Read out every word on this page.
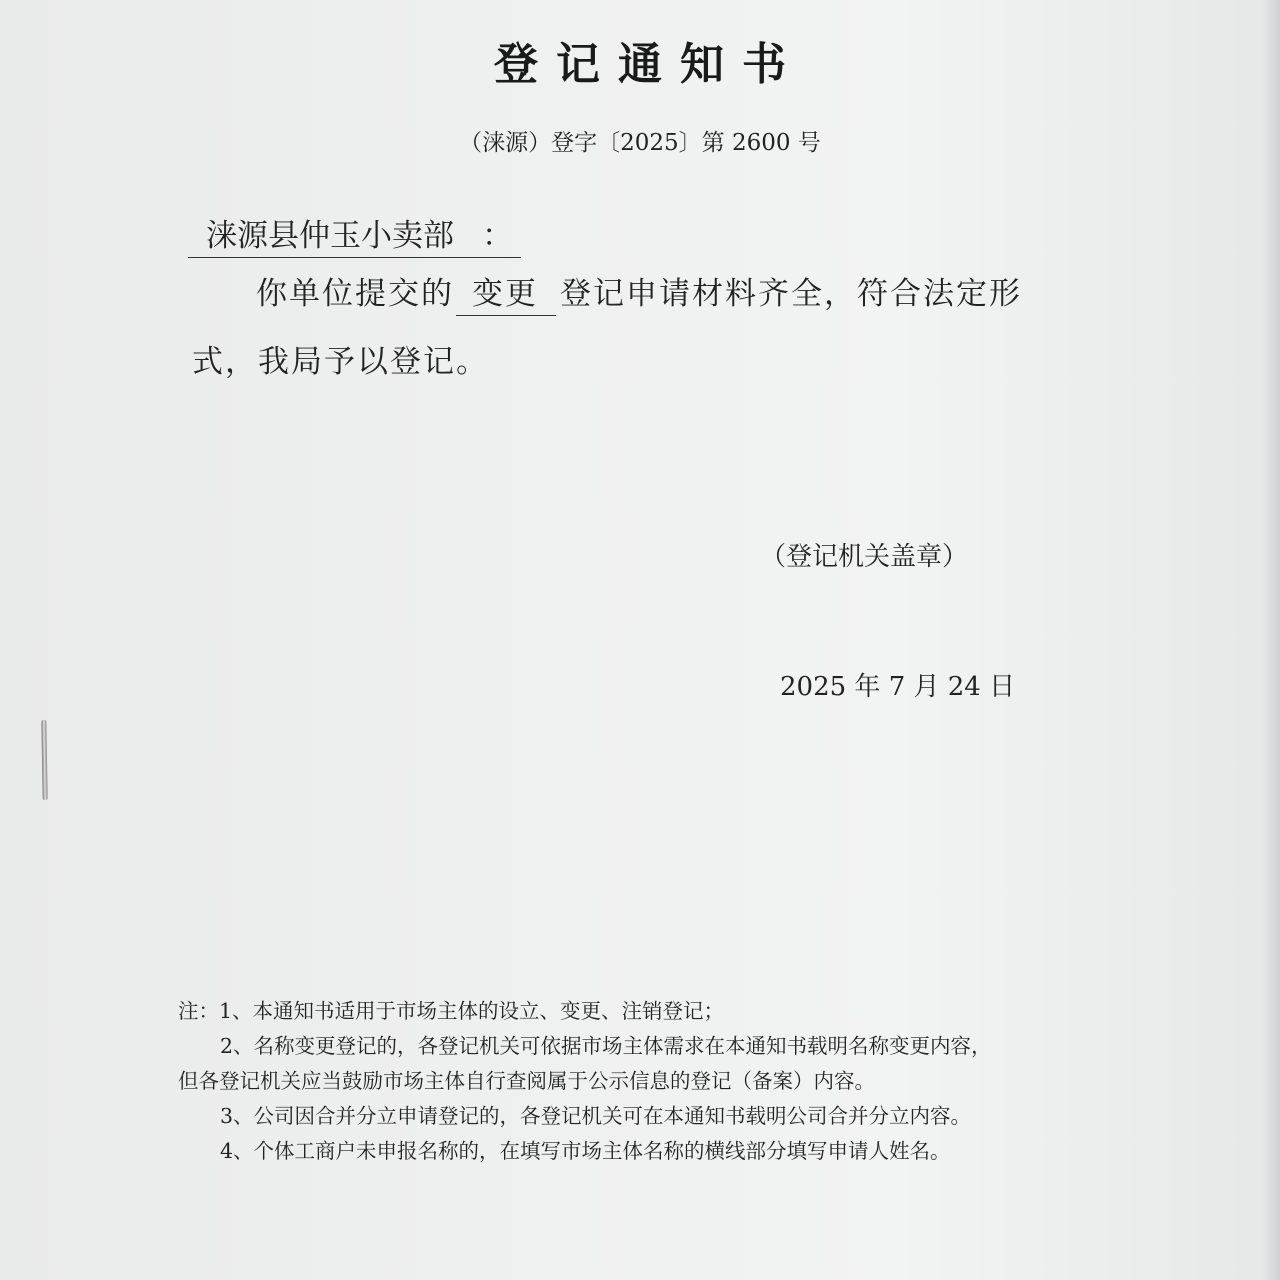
登记通知书
（涞源）登字〔2025〕第 2600 号
涞源县仲玉小卖部 ：
你单位提交的 变更 登记申请材料齐全，符合法定形
式，我局予以登记。
（登记机关盖章）
2025 年 7 月 24 日
注：1、本通知书适用于市场主体的设立、变更、注销登记；
2、名称变更登记的，各登记机关可依据市场主体需求在本通知书载明名称变更内容，
但各登记机关应当鼓励市场主体自行查阅属于公示信息的登记（备案）内容。
3、公司因合并分立申请登记的，各登记机关可在本通知书载明公司合并分立内容。
4、个体工商户未申报名称的，在填写市场主体名称的横线部分填写申请人姓名。
